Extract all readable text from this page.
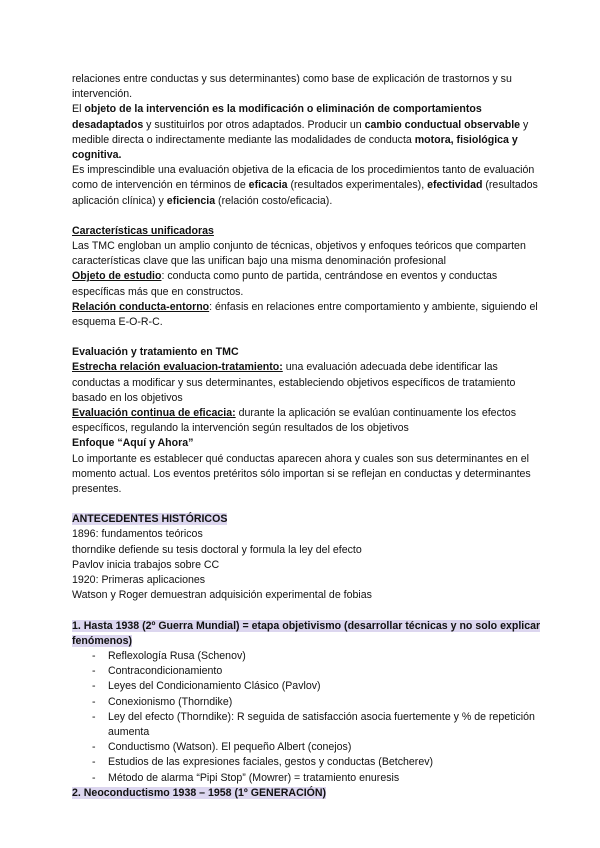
relaciones entre conductas y sus determinantes) como base de explicación de trastornos y su intervención.

El objeto de la intervención es la modificación o eliminación de comportamientos desadaptados y sustituirlos por otros adaptados. Producir un cambio conductual observable y medible directa o indirectamente mediante las modalidades de conducta motora, fisiológica y cognitiva.

Es imprescindible una evaluación objetiva de la eficacia de los procedimientos tanto de evaluación como de intervención en términos de eficacia (resultados experimentales), efectividad (resultados aplicación clínica) y eficiencia (relación costo/eficacia).

Características unificadoras

Las TMC engloban un amplio conjunto de técnicas, objetivos y enfoques teóricos que comparten características clave que las unifican bajo una misma denominación profesional

Objeto de estudio: conducta como punto de partida, centrándose en eventos y conductas específicas más que en constructos.

Relación conducta-entorno: énfasis en relaciones entre comportamiento y ambiente, siguiendo el esquema E-O-R-C.

Evaluación y tratamiento en TMC

Estrecha relación evaluacion-tratamiento: una evaluación adecuada debe identificar las conductas a modificar y sus determinantes, estableciendo objetivos específicos de tratamiento basado en los objetivos

Evaluación continua de eficacia: durante la aplicación se evalúan continuamente los efectos específicos, regulando la intervención según resultados de los objetivos

Enfoque “Aquí y Ahora”

Lo importante es establecer qué conductas aparecen ahora y cuales son sus determinantes en el momento actual. Los eventos pretéritos sólo importan si se reflejan en conductas y determinantes presentes.

ANTECEDENTES HISTÓRICOS

1896: fundamentos teóricos

thorndike defiende su tesis doctoral y formula la ley del efecto

Pavlov inicia trabajos sobre CC

1920: Primeras aplicaciones

Watson y Roger demuestran adquisición experimental de fobias

1. Hasta 1938 (2º Guerra Mundial) = etapa objetivismo (desarrollar técnicas y no solo explicar fenómenos)

- Reflexología Rusa (Schenov)
- Contracondicionamiento
- Leyes del Condicionamiento Clásico (Pavlov)
- Conexionismo (Thorndike)
- Ley del efecto (Thorndike): R seguida de satisfacción asocia fuertemente y % de repetición aumenta
- Conductismo (Watson). El pequeño Albert (conejos)
- Estudios de las expresiones faciales, gestos y conductas (Betcherev)
- Método de alarma “Pipi Stop” (Mowrer) = tratamiento enuresis

2. Neoconductismo 1938 – 1958 (1º GENERACIÓN)
